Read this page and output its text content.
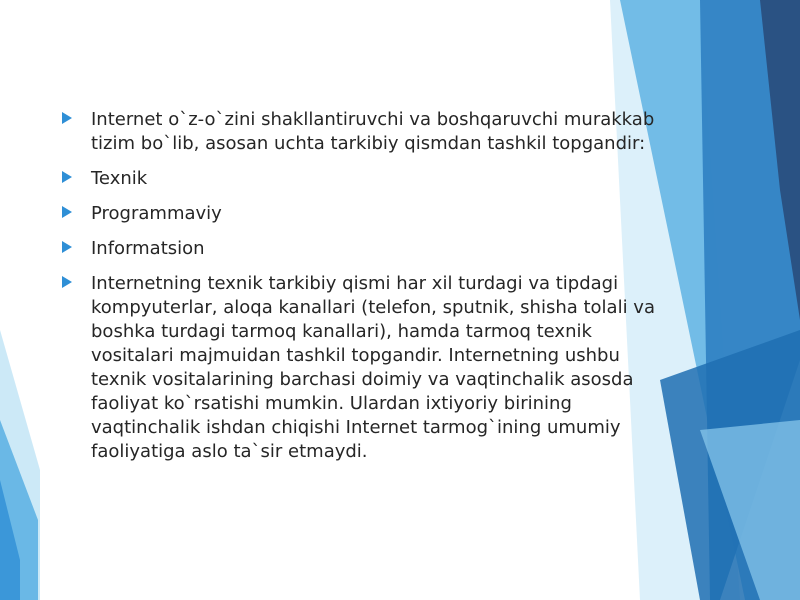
Internet o`z-o`zini shakllantiruvchi va boshqaruvchi murakkab tizim bo`lib, asosan uchta tarkibiy qismdan tashkil topgandir:
Texnik
Programmaviy
Informatsion
Internetning texnik tarkibiy qismi har xil turdagi va tipdagi kompyuterlar, aloqa kanallari (telefon, sputnik, shisha tolali va boshka turdagi tarmoq kanallari), hamda tarmoq texnik vositalari majmuidan tashkil topgandir. Internetning ushbu texnik vositalarining barchasi doimiy va vaqtinchalik asosda faoliyat ko`rsatishi mumkin. Ulardan ixtiyoriy birining vaqtinchalik ishdan chiqishi Internet tarmog`ining umumiy faoliyatiga aslo ta`sir etmaydi.
